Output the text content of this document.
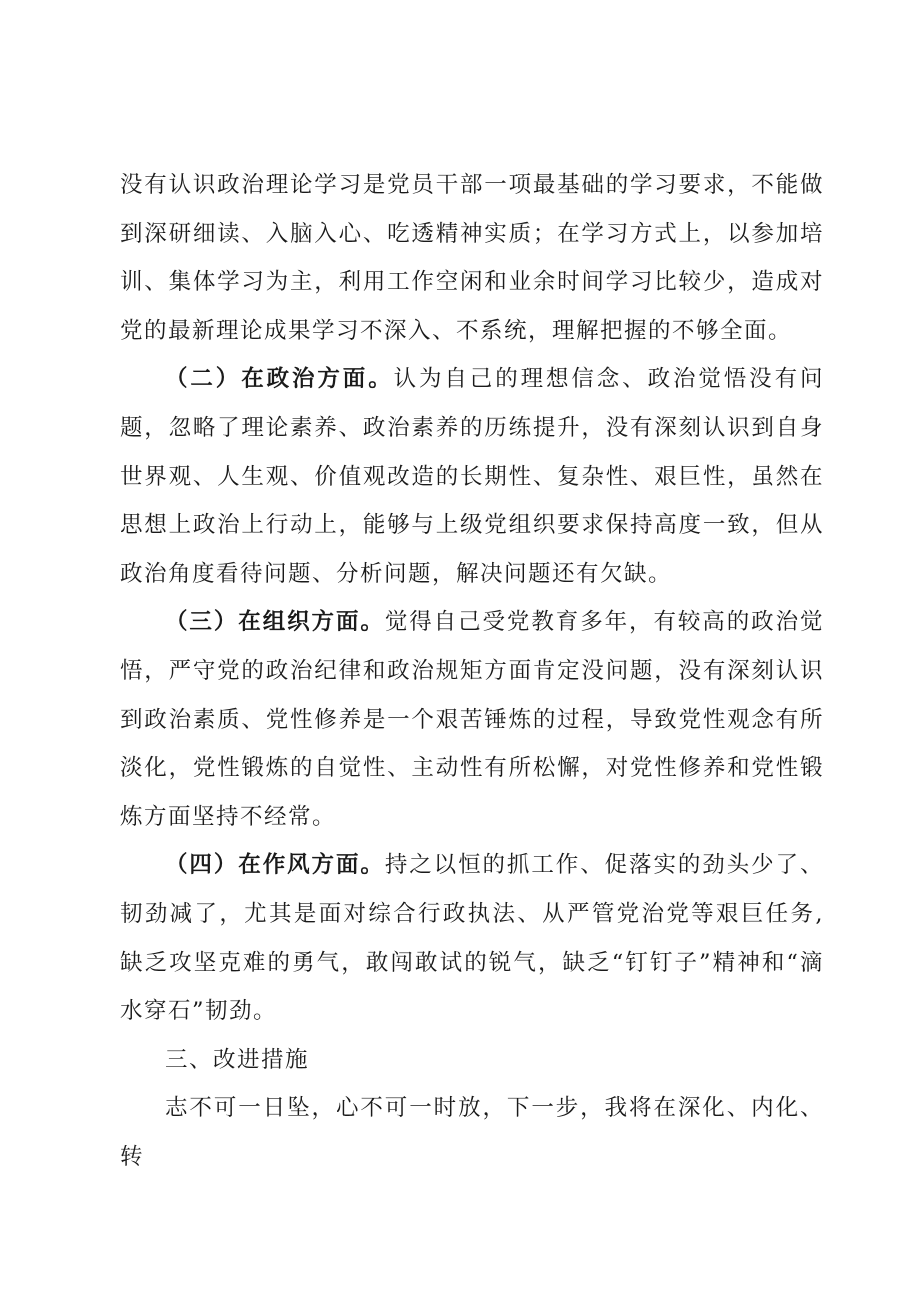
没有认识政治理论学习是党员干部一项最基础的学习要求，不能做到深研细读、入脑入心、吃透精神实质；在学习方式上，以参加培训、集体学习为主，利用工作空闲和业余时间学习比较少，造成对党的最新理论成果学习不深入、不系统，理解把握的不够全面。

（二）在政治方面。认为自己的理想信念、政治觉悟没有问题，忽略了理论素养、政治素养的历练提升，没有深刻认识到自身世界观、人生观、价值观改造的长期性、复杂性、艰巨性，虽然在思想上政治上行动上，能够与上级党组织要求保持高度一致，但从政治角度看待问题、分析问题，解决问题还有欠缺。

（三）在组织方面。觉得自己受党教育多年，有较高的政治觉悟，严守党的政治纪律和政治规矩方面肯定没问题，没有深刻认识到政治素质、党性修养是一个艰苦锤炼的过程，导致党性观念有所淡化，党性锻炼的自觉性、主动性有所松懈，对党性修养和党性锻炼方面坚持不经常。

（四）在作风方面。持之以恒的抓工作、促落实的劲头少了、韧劲减了，尤其是面对综合行政执法、从严管党治党等艰巨任务,缺乏攻坚克难的勇气，敢闯敢试的锐气，缺乏“钉钉子”精神和“滴水穿石”韧劲。

三、改进措施

志不可一日坠，心不可一时放，下一步，我将在深化、内化、转
